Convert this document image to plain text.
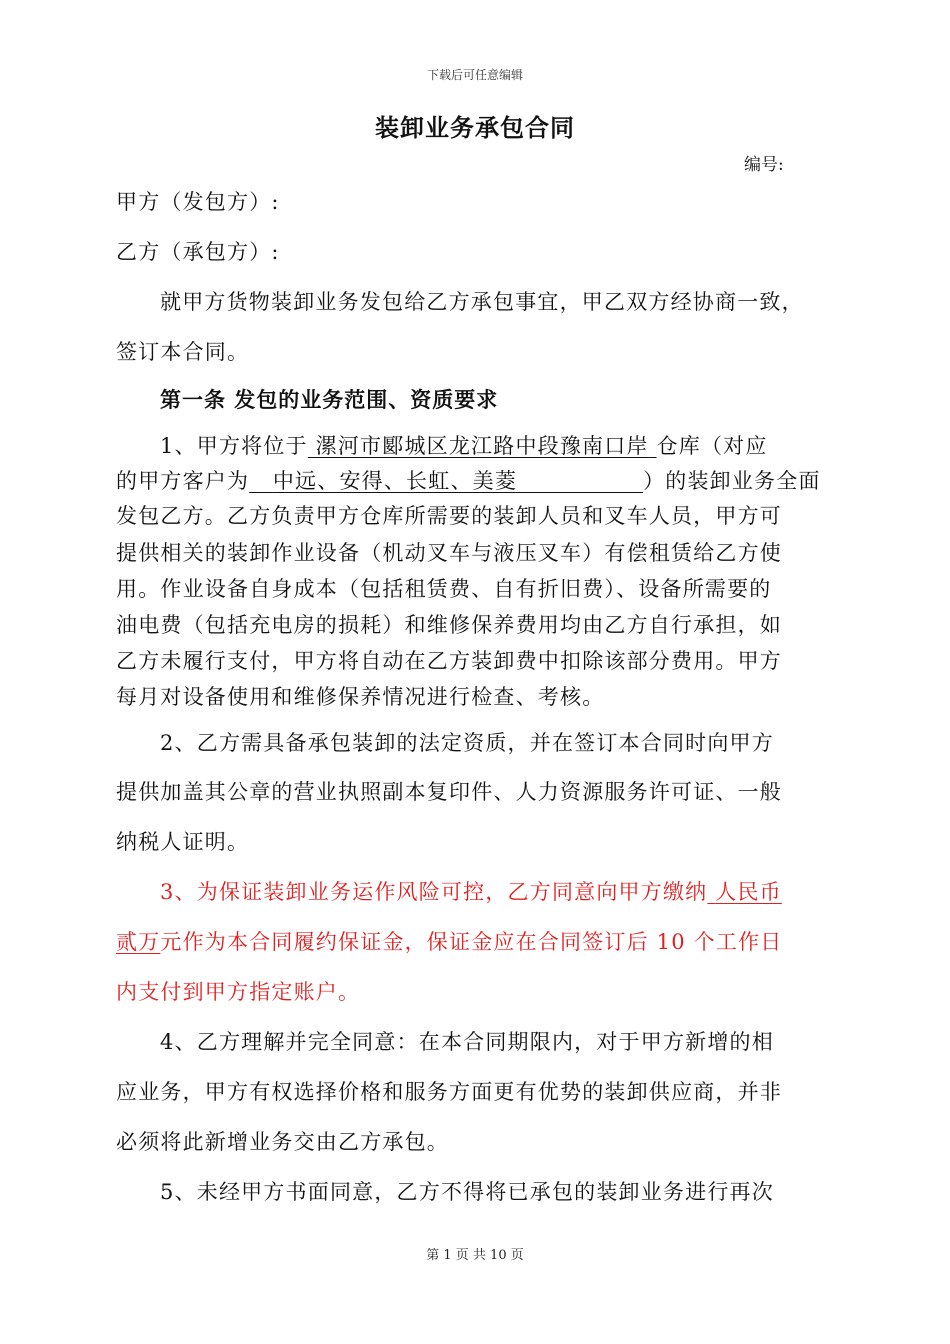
下载后可任意编辑
装卸业务承包合同
编号:
甲方（发包方）:
乙方（承包方）:
就甲方货物装卸业务发包给乙方承包事宜，甲乙双方经协商一致，
签订本合同。
第一条 发包的业务范围、资质要求
1、甲方将位于 漯河市郾城区龙江路中段豫南口岸 仓库（对应
的甲方客户为 中远、安得、长虹、美菱	）的装卸业务全面
发包乙方。乙方负责甲方仓库所需要的装卸人员和叉车人员，甲方可
提供相关的装卸作业设备（机动叉车与液压叉车）有偿租赁给乙方使
用。作业设备自身成本（包括租赁费、自有折旧费）、设备所需要的
油电费（包括充电房的损耗）和维修保养费用均由乙方自行承担，如
乙方未履行支付，甲方将自动在乙方装卸费中扣除该部分费用。甲方
每月对设备使用和维修保养情况进行检查、考核。
2、乙方需具备承包装卸的法定资质，并在签订本合同时向甲方
提供加盖其公章的营业执照副本复印件、人力资源服务许可证、一般
纳税人证明。
3、为保证装卸业务运作风险可控，乙方同意向甲方缴纳 人民币
贰万元作为本合同履约保证金，保证金应在合同签订后 10 个工作日
内支付到甲方指定账户。
4、乙方理解并完全同意：在本合同期限内，对于甲方新增的相
应业务，甲方有权选择价格和服务方面更有优势的装卸供应商，并非
必须将此新增业务交由乙方承包。
5、未经甲方书面同意，乙方不得将已承包的装卸业务进行再次
第 1 页 共 10 页
